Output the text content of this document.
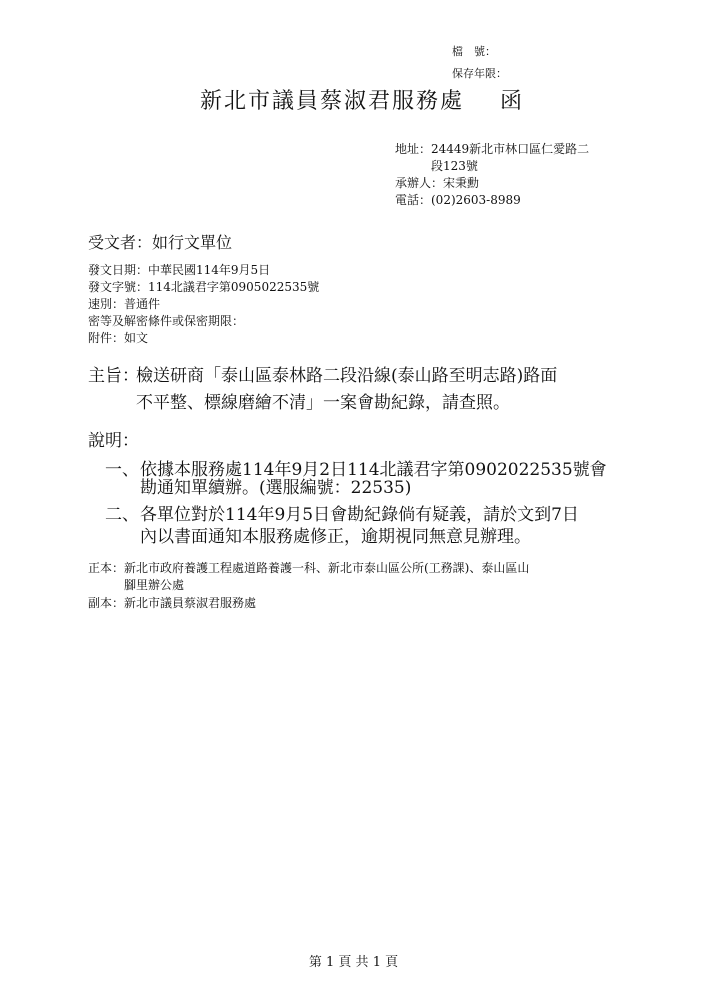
檔　號：
保存年限：
新北市議員蔡淑君服務處 函
地址：24449新北市林口區仁愛路二
段123號
承辦人：宋秉勳
電話：(02)2603-8989
受文者：如行文單位
發文日期：中華民國114年9月5日
發文字號：114北議君字第0905022535號
速別：普通件
密等及解密條件或保密期限：
附件：如文
主旨：
檢送研商「泰山區泰林路二段沿線(泰山路至明志路)路面
不平整、標線磨繪不清」一案會勘紀錄，請查照。
說明：
一、 依據本服務處114年9月2日114北議君字第0902022535號會
勘通知單續辦。(選服編號：22535)
二、 各單位對於114年9月5日會勘紀錄倘有疑義，請於文到7日
內以書面通知本服務處修正，逾期視同無意見辦理。
正本： 新北市政府養護工程處道路養護一科、新北市泰山區公所(工務課)、泰山區山
腳里辦公處
副本： 新北市議員蔡淑君服務處
第 1 頁 共 1 頁
